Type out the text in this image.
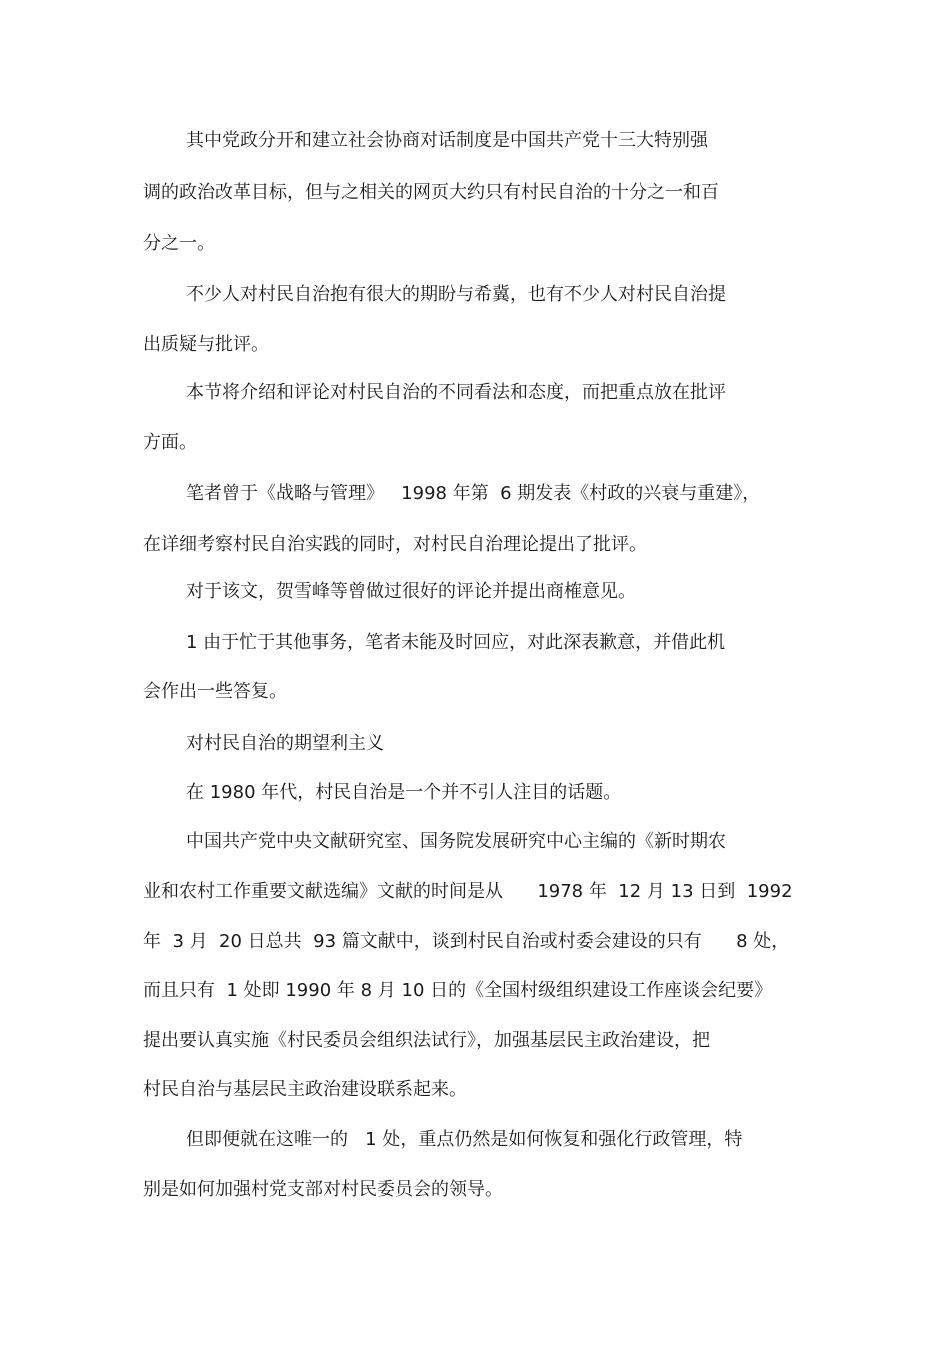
其中党政分开和建立社会协商对话制度是中国共产党十三大特别强

调的政治改革目标，但与之相关的网页大约只有村民自治的十分之一和百

分之一。

不少人对村民自治抱有很大的期盼与希冀，也有不少人对村民自治提

出质疑与批评。

本节将介绍和评论对村民自治的不同看法和态度，而把重点放在批评

方面。

笔者曾于《战略与管理》   1998 年第  6 期发表《村政的兴衰与重建》，

在详细考察村民自治实践的同时，对村民自治理论提出了批评。

对于该文，贺雪峰等曾做过很好的评论并提出商榷意见。

1 由于忙于其他事务，笔者未能及时回应，对此深表歉意，并借此机

会作出一些答复。

对村民自治的期望利主义

在 1980 年代，村民自治是一个并不引人注目的话题。

中国共产党中央文献研究室、国务院发展研究中心主编的《新时期农

业和农村工作重要文献选编》文献的时间是从      1978 年  12 月 13 日到  1992

年  3 月  20 日总共  93 篇文献中，谈到村民自治或村委会建设的只有      8 处，

而且只有  1 处即 1990 年 8 月 10 日的《全国村级组织建设工作座谈会纪要》

提出要认真实施《村民委员会组织法试行》，加强基层民主政治建设，把

村民自治与基层民主政治建设联系起来。

但即便就在这唯一的   1 处，重点仍然是如何恢复和强化行政管理，特

别是如何加强村党支部对村民委员会的领导。
